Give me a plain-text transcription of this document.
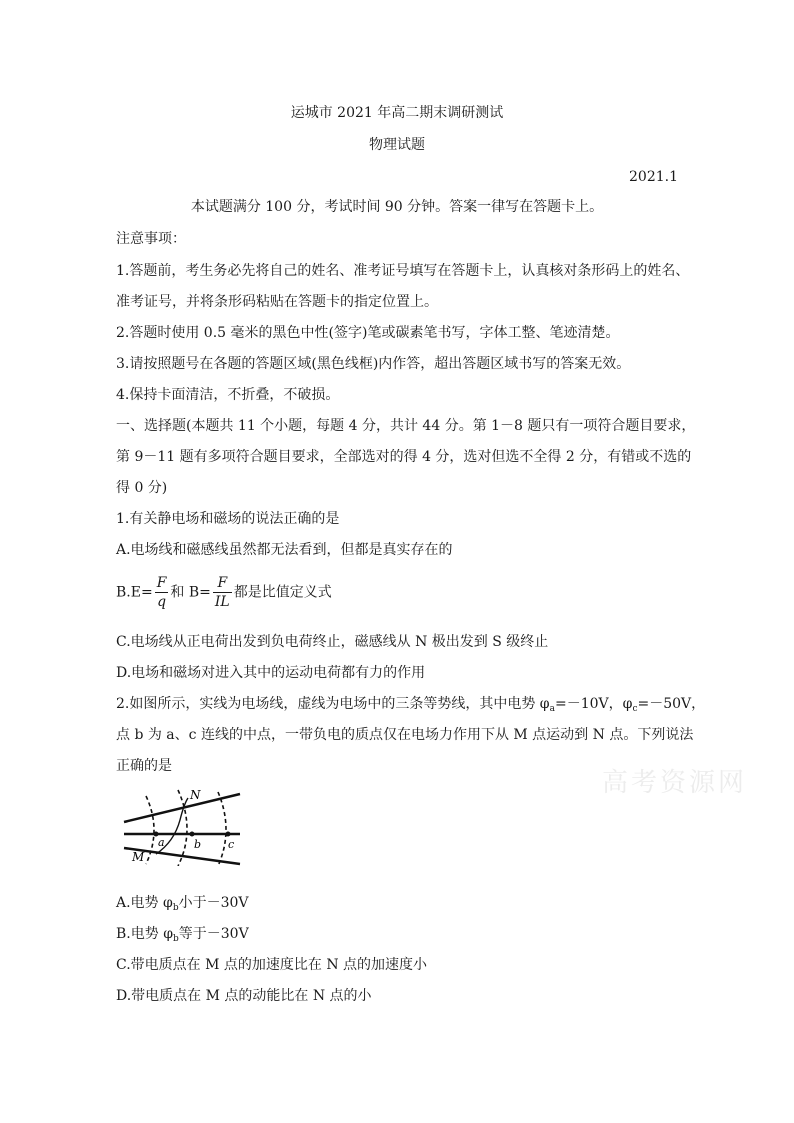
运城市 2021 年高二期末调研测试
物理试题
2021.1
本试题满分 100 分，考试时间 90 分钟。答案一律写在答题卡上。
注意事项：
1.答题前，考生务必先将自己的姓名、准考证号填写在答题卡上，认真核对条形码上的姓名、
准考证号，并将条形码粘贴在答题卡的指定位置上。
2.答题时使用 0.5 毫米的黑色中性(签字)笔或碳素笔书写，字体工整、笔迹清楚。
3.请按照题号在各题的答题区域(黑色线框)内作答，超出答题区域书写的答案无效。
4.保持卡面清洁，不折叠，不破损。
一、选择题(本题共 11 个小题，每题 4 分，共计 44 分。第 1－8 题只有一项符合题目要求，
第 9－11 题有多项符合题目要求，全部选对的得 4 分，选对但选不全得 2 分，有错或不选的
得 0 分)
1.有关静电场和磁场的说法正确的是
A.电场线和磁感线虽然都无法看到，但都是真实存在的
$B.E= \frac{F}{q}$ 和 $B= \frac{F}{IL}$ 都是比值定义式
C.电场线从正电荷出发到负电荷终止，磁感线从 N 极出发到 S 级终止
D.电场和磁场对进入其中的运动电荷都有力的作用
2.如图所示，实线为电场线，虚线为电场中的三条等势线，其中电势 $\varphi_a=-10V$，$\varphi_c=-50V$，
点 b 为 a、c 连线的中点，一带负电的质点仅在电场力作用下从 M 点运动到 N 点。下列说法
正确的是
高考资源网
N
M
a	b c
A.电势 $\varphi_b$小于－30V
B.电势 $\varphi_b$等于－30V
C.带电质点在 M 点的加速度比在 N 点的加速度小
D.带电质点在 M 点的动能比在 N 点的小
